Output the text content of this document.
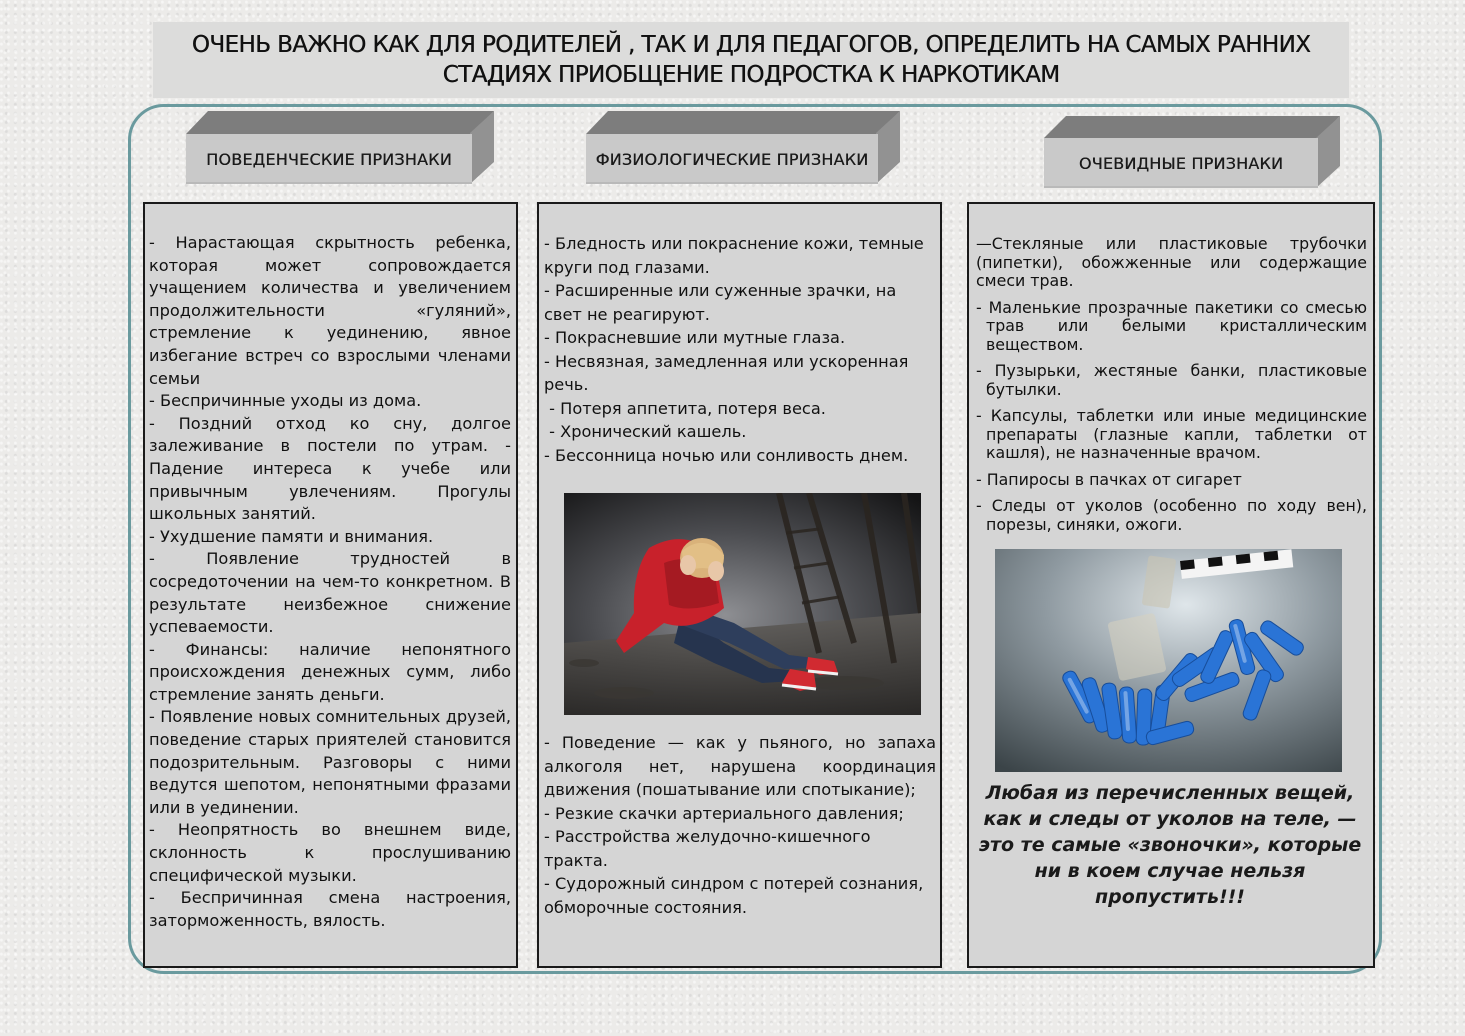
ОЧЕНЬ ВАЖНО КАК ДЛЯ РОДИТЕЛЕЙ , ТАК И ДЛЯ ПЕДАГОГОВ, ОПРЕДЕЛИТЬ НА САМЫХ РАННИХ
СТАДИЯХ ПРИОБЩЕНИЕ ПОДРОСТКА К НАРКОТИКАМ
ПОВЕДЕНЧЕСКИЕ ПРИЗНАКИ	ФИЗИОЛОГИЧЕСКИЕ ПРИЗНАКИ	ОЧЕВИДНЫЕ ПРИЗНАКИ

- Нарастающая скрытность ребенка, которая может сопровождается учащением количества и увеличением продолжительности «гуляний», стремление к уединению, явное избегание встреч со взрослыми членами семьи

- Беспричинные уходы из дома.

- Поздний отход ко сну, долгое залеживание в постели по утрам. - Падение интереса к учебе или привычным увлечениям. Прогулы школьных занятий.

- Ухудшение памяти и внимания.

- Появление трудностей в сосредоточении на чем-то конкретном. В результате неизбежное снижение успеваемости.

- Финансы: наличие непонятного происхождения денежных сумм, либо стремление занять деньги.

- Появление новых сомнительных друзей, поведение старых приятелей становится подозрительным. Разговоры с ними ведутся шепотом, непонятными фразами или в уединении.

- Неопрятность во внешнем виде, склонность к прослушиванию специфической музыки.

- Беспричинная смена настроения, заторможенность, вялость.

- Бледность или покраснение кожи, темные круги под глазами.

- Расширенные или суженные зрачки, на свет не реагируют.

- Покрасневшие или мутные глаза.

- Несвязная, замедленная или ускоренная речь.

- Потеря аппетита, потеря веса.

- Хронический кашель.

- Бессонница ночью или сонливость днем.

- Поведение — как у пьяного, но запаха алкоголя нет, нарушена координация движения (пошатывание или спотыкание);

- Резкие скачки артериального давления;

- Расстройства желудочно-кишечного тракта.

- Судорожный синдром с потерей сознания, обморочные состояния.

—Стекляные или пластиковые трубочки (пипетки), обожженные или содержащие смеси трав.

- Маленькие прозрачные пакетики со смесью трав или белыми кристаллическим веществом.

- Пузырьки, жестяные банки, пластиковые бутылки.

- Капсулы, таблетки или иные медицинские препараты (глазные капли, таблетки от кашля), не назначенные врачом.

- Папиросы в пачках от сигарет

- Следы от уколов (особенно по ходу вен), порезы, синяки, ожоги.

Любая из перечисленных вещей, как и следы от уколов на теле, — это те самые «звоночки», которые ни в коем случае нельзя пропустить!!!
